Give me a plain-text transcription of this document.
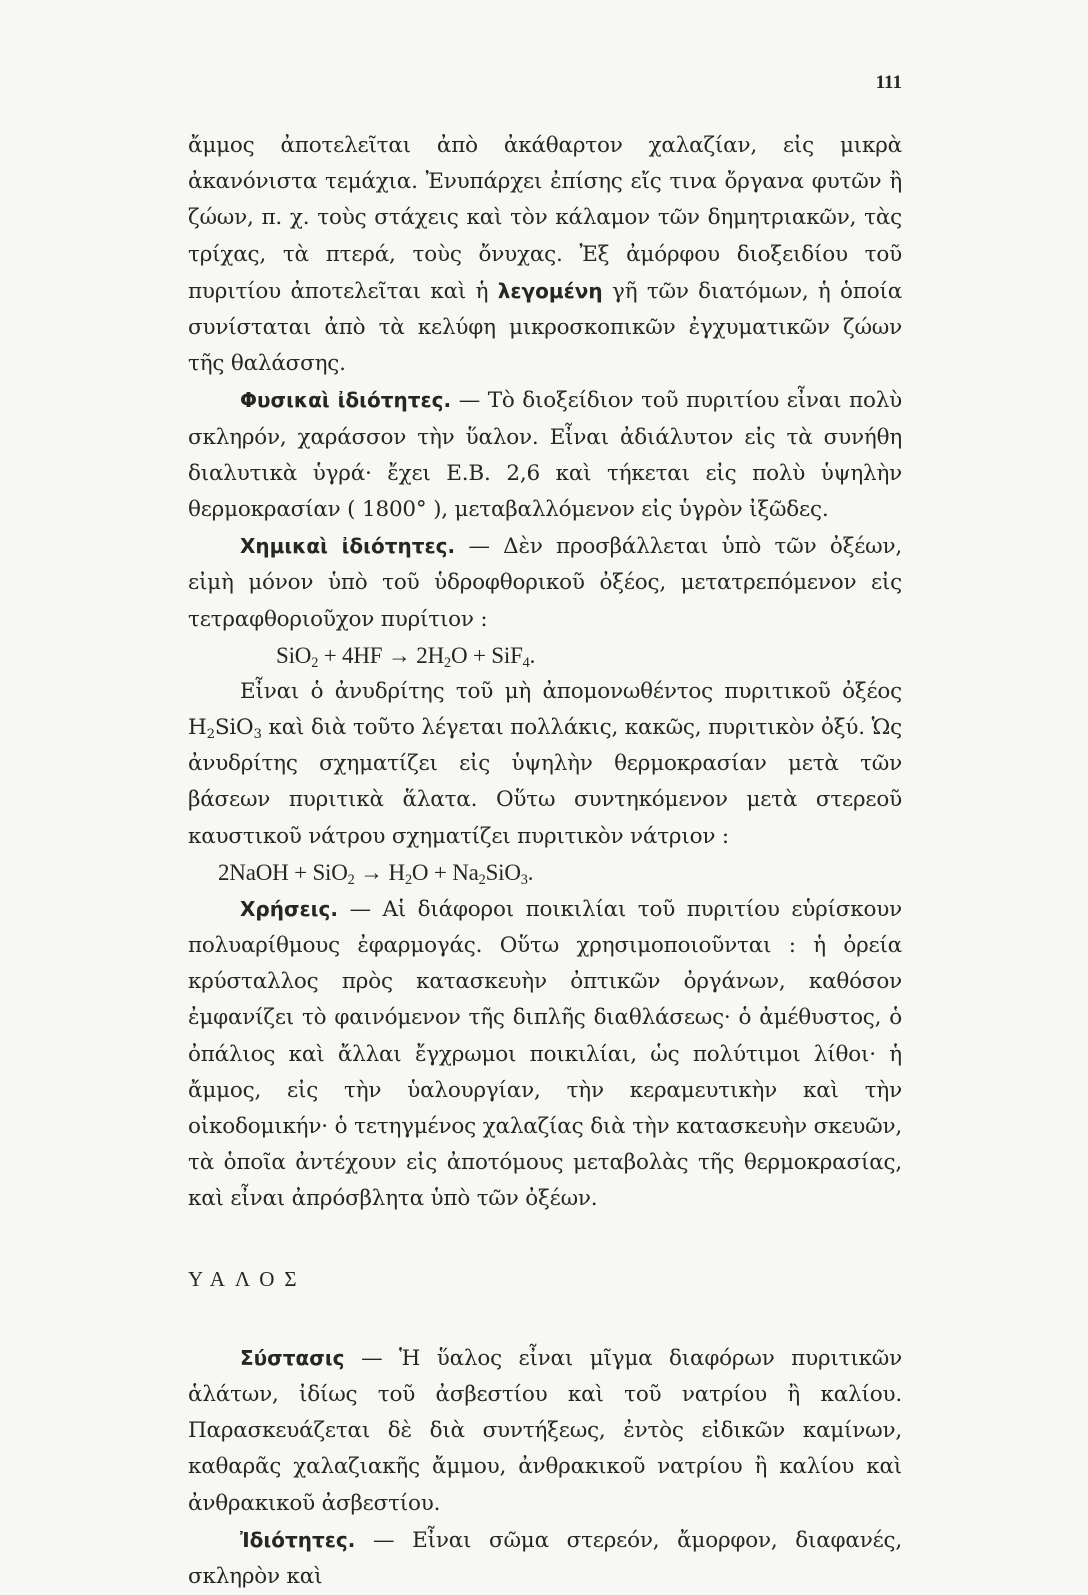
111

ἄμμος ἀποτελεῖται ἀπὸ ἀκάθαρτον χαλαζίαν, εἰς μικρὰ ἀκανόνιστα τεμάχια. Ἐνυπάρχει ἐπίσης εἴς τινα ὄργανα φυτῶν ἢ ζώων, π. χ. τοὺς στάχεις καὶ τὸν κάλαμον τῶν δημητριακῶν, τὰς τρίχας, τὰ πτερά, τοὺς ὄνυχας. Ἐξ ἀμόρφου διοξειδίου τοῦ πυριτίου ἀποτελεῖται καὶ ἡ λεγομένη γῆ τῶν διατόμων, ἡ ὁποία συνίσταται ἀπὸ τὰ κελύφη μικροσκοπικῶν ἐγχυματικῶν ζώων τῆς θαλάσσης.

Φυσικαὶ ἰδιότητες. — Τὸ διοξείδιον τοῦ πυριτίου εἶναι πολὺ σκληρόν, χαράσσον τὴν ὕαλον. Εἶναι ἀδιάλυτον εἰς τὰ συνήθη διαλυτικὰ ὑγρά· ἔχει Ε.Β. 2,6 καὶ τήκεται εἰς πολὺ ὑψηλὴν θερμοκρασίαν ( 1800° ), μεταβαλλόμενον εἰς ὑγρὸν ἰξῶδες.

Χημικαὶ ἰδιότητες. — Δὲν προσβάλλεται ὑπὸ τῶν ὀξέων, εἰμὴ μόνον ὑπὸ τοῦ ὑδροφθορικοῦ ὀξέος, μετατρεπόμενον εἰς τετραφθοριοῦχον πυρίτιον :

$SiO_2 + 4HF \to 2H_2O + SiF_4$.

Εἶναι ὁ ἀνυδρίτης τοῦ μὴ ἀπομονωθέντος πυριτικοῦ ὀξέος $H_2SiO_3$ καὶ διὰ τοῦτο λέγεται πολλάκις, κακῶς, πυριτικὸν ὀξύ. Ὡς ἀνυδρίτης σχηματίζει εἰς ὑψηλὴν θερμοκρασίαν μετὰ τῶν βάσεων πυριτικὰ ἅλατα. Οὕτω συντηκόμενον μετὰ στερεοῦ καυστικοῦ νάτρου σχηματίζει πυριτικὸν νάτριον :

2NaOH + $SiO_2 \to H_2O + Na_2SiO_3$.

Χρήσεις. — Αἱ διάφοροι ποικιλίαι τοῦ πυριτίου εὑρίσκουν πολυαρίθμους ἐφαρμογάς. Οὕτω χρησιμοποιοῦνται : ἡ ὀρεία κρύσταλλος πρὸς κατασκευὴν ὀπτικῶν ὀργάνων, καθόσον ἐμφανίζει τὸ φαινόμενον τῆς διπλῆς διαθλάσεως· ὁ ἀμέθυστος, ὁ ὀπάλιος καὶ ἄλλαι ἔγχρωμοι ποικιλίαι, ὡς πολύτιμοι λίθοι· ἡ ἄμμος, εἰς τὴν ὑαλουργίαν, τὴν κεραμευτικὴν καὶ τὴν οἰκοδομικήν· ὁ τετηγμένος χαλαζίας διὰ τὴν κατασκευὴν σκευῶν, τὰ ὁποῖα ἀντέχουν εἰς ἀποτόμους μεταβολὰς τῆς θερμοκρασίας, καὶ εἶναι ἀπρόσβλητα ὑπὸ τῶν ὀξέων.

ΥΑΛΟΣ

Σύστασις — Ἡ ὕαλος εἶναι μῖγμα διαφόρων πυριτικῶν ἁλάτων, ἰδίως τοῦ ἀσβεστίου καὶ τοῦ νατρίου ἢ καλίου. Παρασκευάζεται δὲ διὰ συντήξεως, ἐντὸς εἰδικῶν καμίνων, καθαρᾶς χαλαζιακῆς ἄμμου, ἀνθρακικοῦ νατρίου ἢ καλίου καὶ ἀνθρακικοῦ ἀσβεστίου.

Ἰδιότητες. — Εἶναι σῶμα στερεόν, ἄμορφον, διαφανές, σκληρὸν καὶ
